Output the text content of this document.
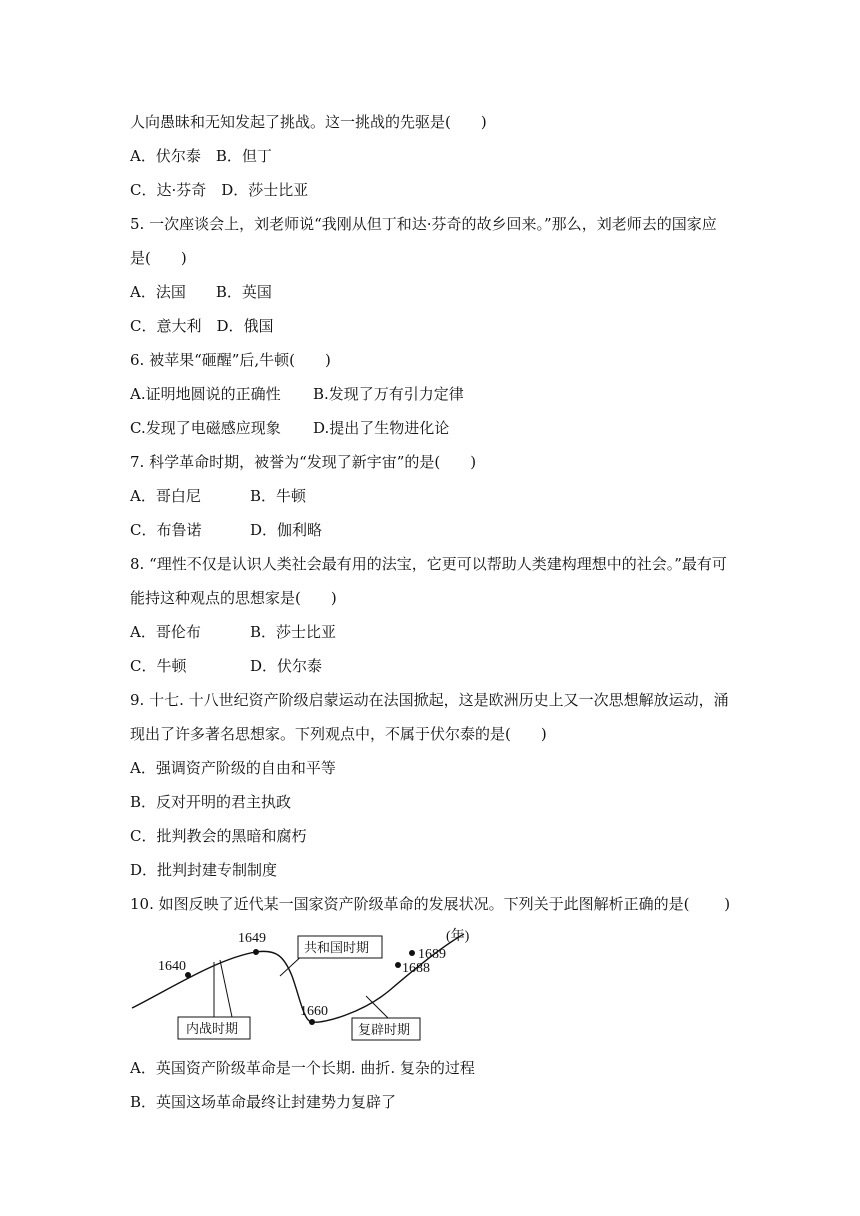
人向愚昧和无知发起了挑战。这一挑战的先驱是(　　)
A．伏尔泰　B．但丁
C．达·芬奇　D．莎士比亚
5. 一次座谈会上，刘老师说“我刚从但丁和达·芬奇的故乡回来。”那么，刘老师去的国家应
是(　　)
A．法国　　B．英国
C．意大利　D．俄国
6. 被苹果“砸醒”后,牛顿(　　)
A.证明地圆说的正确性 B.发现了万有引力定律
C.发现了电磁感应现象 D.提出了生物进化论
7. 科学革命时期，被誉为“发现了新宇宙”的是(　　)
A．哥白尼	B．牛顿
C．布鲁诺	D．伽利略
8. “理性不仅是认识人类社会最有用的法宝，它更可以帮助人类建构理想中的社会。”最有可
能持这种观点的思想家是(　　)
A．哥伦布	B．莎士比亚
C．牛顿	D．伏尔泰
9. 十七. 十八世纪资产阶级启蒙运动在法国掀起，这是欧洲历史上又一次思想解放运动，涌
现出了许多著名思想家。下列观点中，不属于伏尔泰的是(　　)
A．强调资产阶级的自由和平等
B．反对开明的君主执政
C．批判教会的黑暗和腐朽
D．批判封建专制制度
10. 如图反映了近代某一国家资产阶级革命的发展状况。下列关于此图解析正确的是(　　 )
1640
1649
1660
1688
1689
(年)
内战时期
共和国时期
复辟时期
A．英国资产阶级革命是一个长期. 曲折. 复杂的过程
B．英国这场革命最终让封建势力复辟了
